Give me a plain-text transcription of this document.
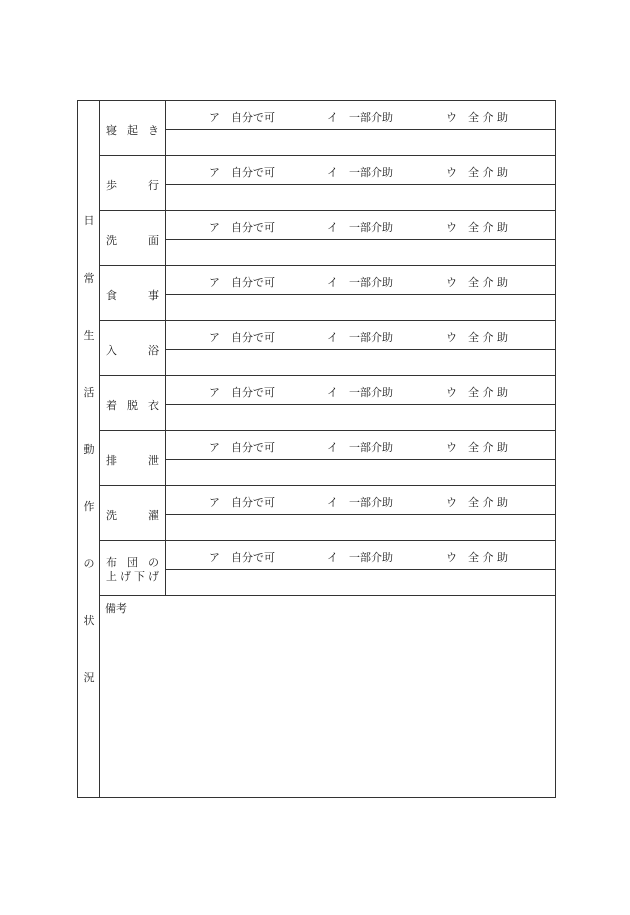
日
常
生
活
動
作
の
状
況
寝 起 き
ア 自分で可	イ 一部介助	ウ 全 介 助
歩 行
ア 自分で可	イ 一部介助	ウ 全 介 助
洗 面
ア 自分で可	イ 一部介助	ウ 全 介 助
食 事
ア 自分で可	イ 一部介助	ウ 全 介 助
入 浴
ア 自分で可	イ 一部介助	ウ 全 介 助
着 脱 衣
ア 自分で可	イ 一部介助	ウ 全 介 助
排 泄
ア 自分で可	イ 一部介助	ウ 全 介 助
洗 濯
ア 自分で可	イ 一部介助	ウ 全 介 助
布 団 の
上げ下げ
ア 自分で可	イ 一部介助	ウ 全 介 助
備考
